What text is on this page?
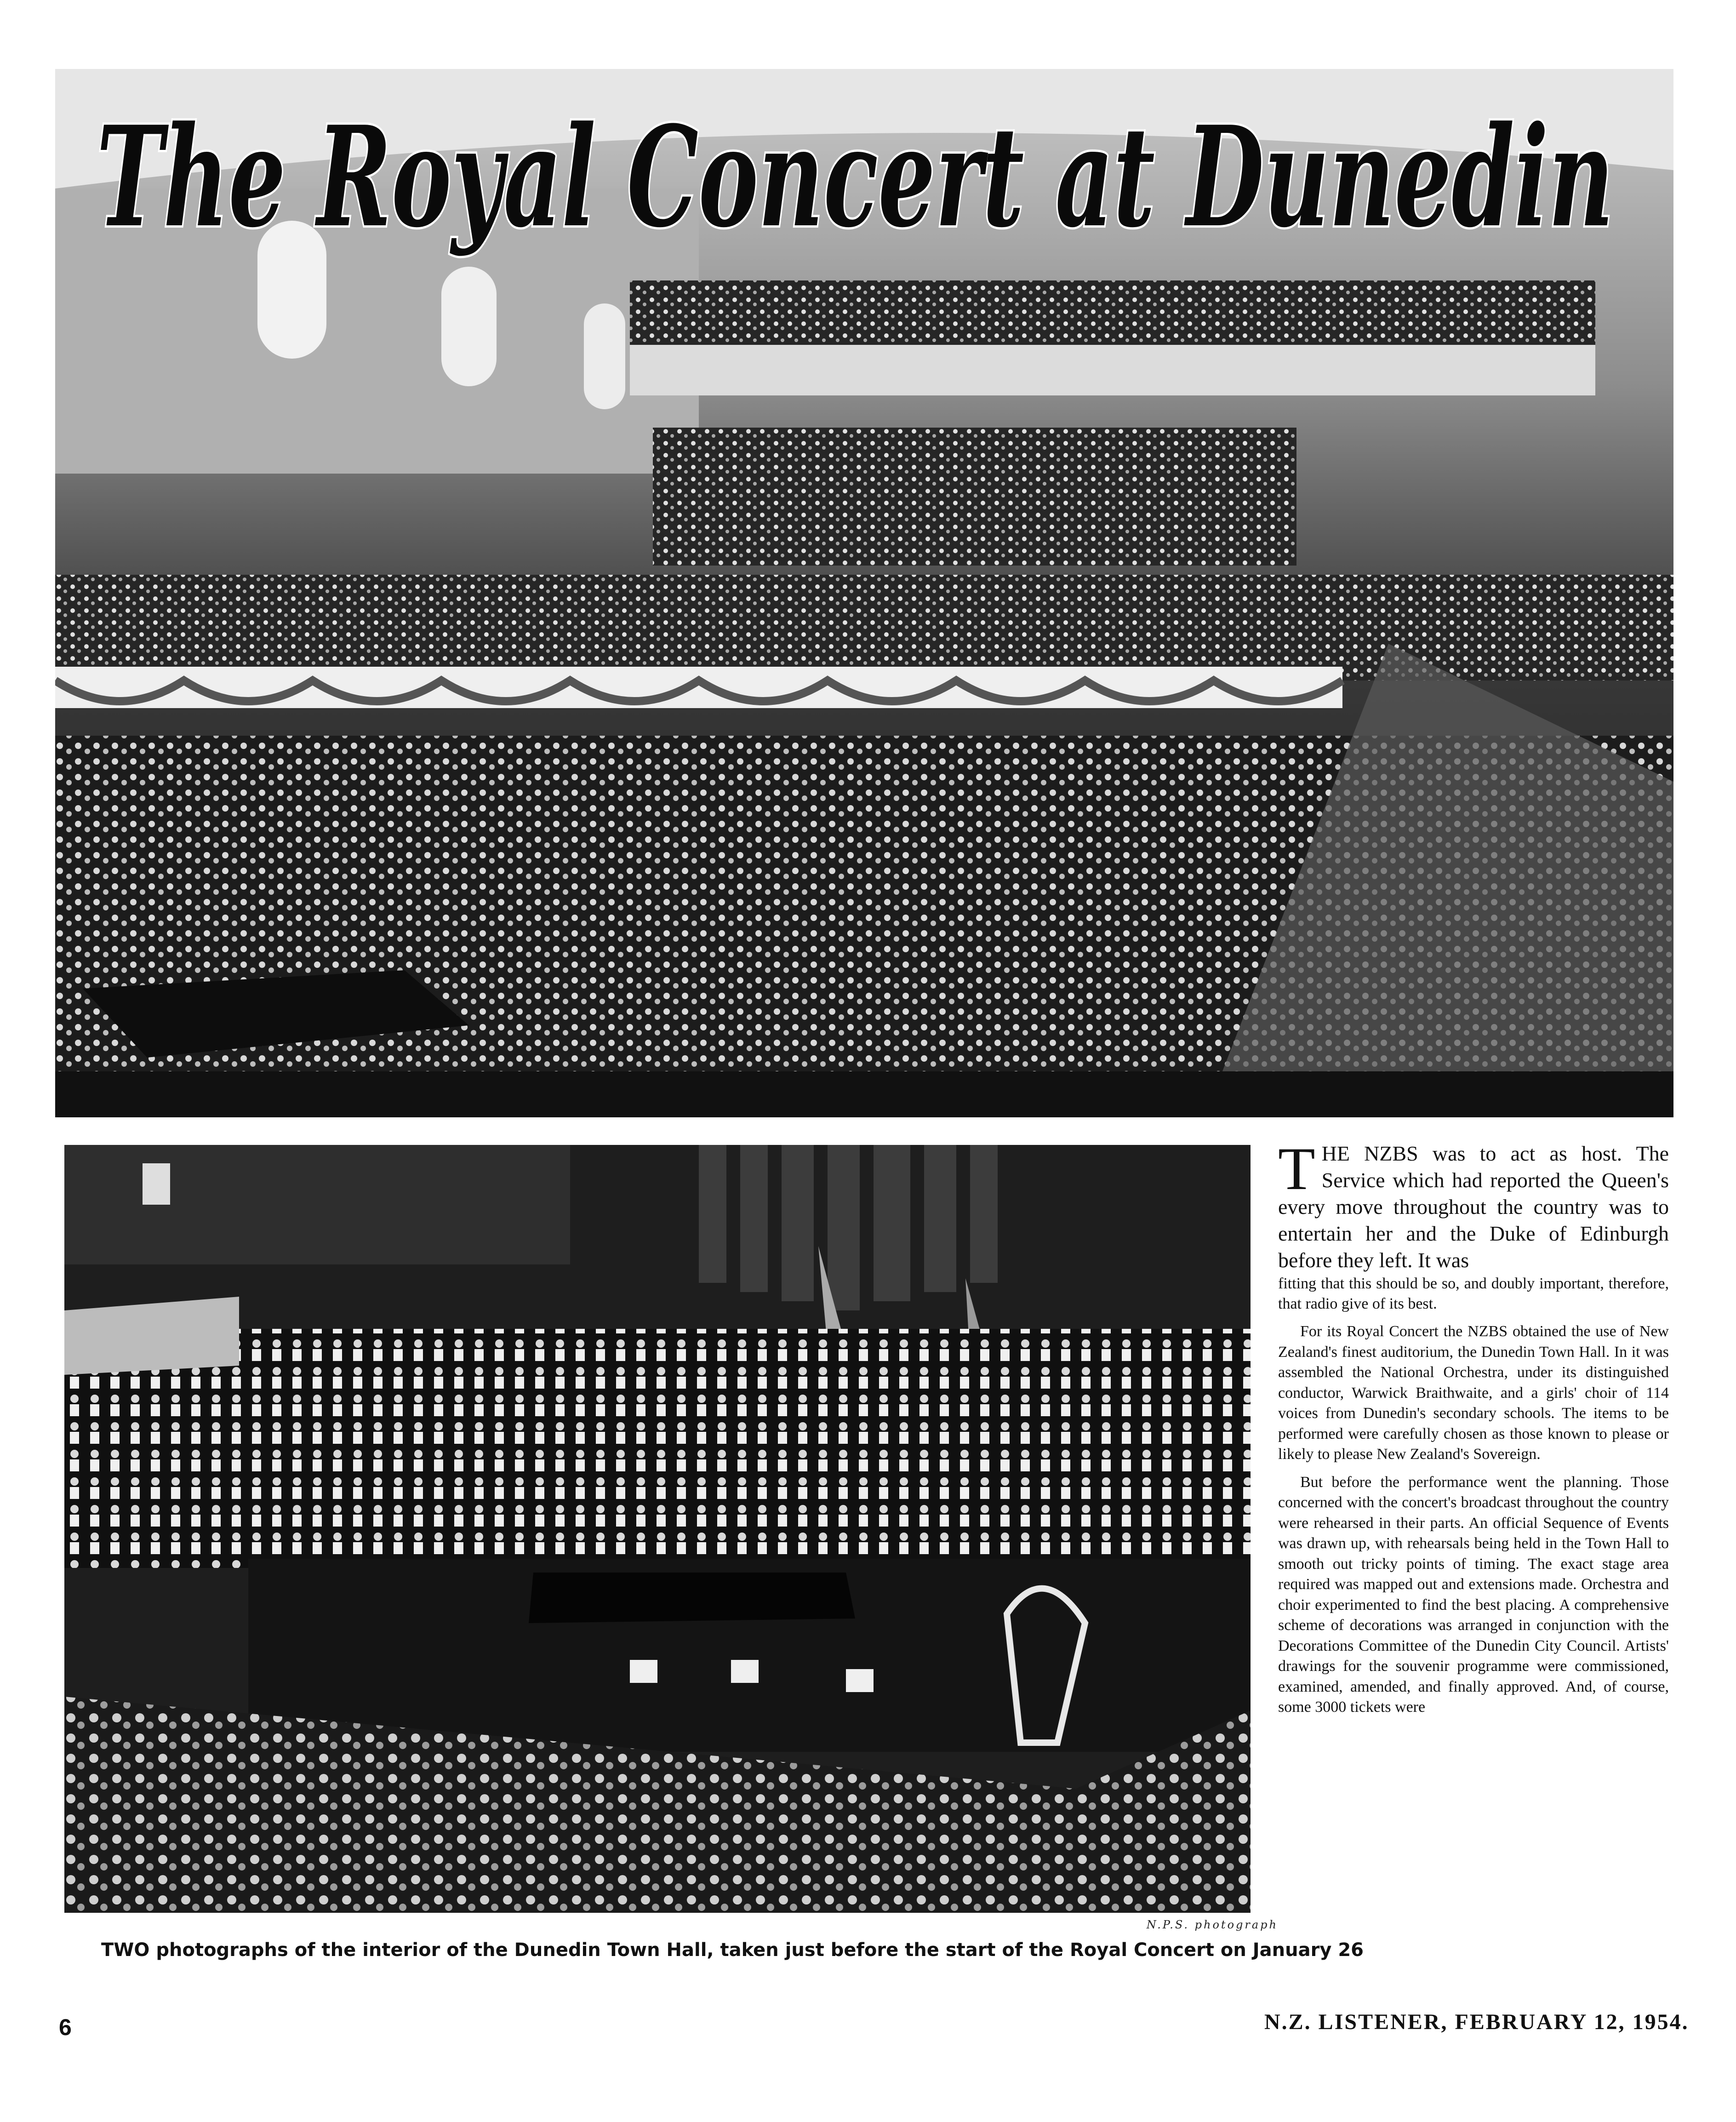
The Royal Concert at Dunedin
N.P.S. photograph
TWO photographs of the interior of the Dunedin Town Hall, taken just before the start of the Royal Concert on January 26

THE NZBS was to act as host. The Service which had reported the Queen's every move throughout the country was to entertain her and the Duke of Edinburgh before they left. It was

fitting that this should be so, and doubly important, therefore, that radio give of its best.

For its Royal Concert the NZBS obtained the use of New Zealand's finest auditorium, the Dunedin Town Hall. In it was assembled the National Orchestra, under its distinguished conductor, Warwick Braithwaite, and a girls' choir of 114 voices from Dunedin's secondary schools. The items to be performed were carefully chosen as those known to please or likely to please New Zealand's Sovereign.

But before the performance went the planning. Those concerned with the concert's broadcast throughout the country were rehearsed in their parts. An official Sequence of Events was drawn up, with rehearsals being held in the Town Hall to smooth out tricky points of timing. The exact stage area required was mapped out and extensions made. Orchestra and choir experimented to find the best placing. A comprehensive scheme of decorations was arranged in conjunction with the Decorations Committee of the Dunedin City Council. Artists' drawings for the souvenir programme were commissioned, examined, amended, and finally approved. And, of course, some 3000 tickets were

6	N.Z. LISTENER, FEBRUARY 12, 1954.
